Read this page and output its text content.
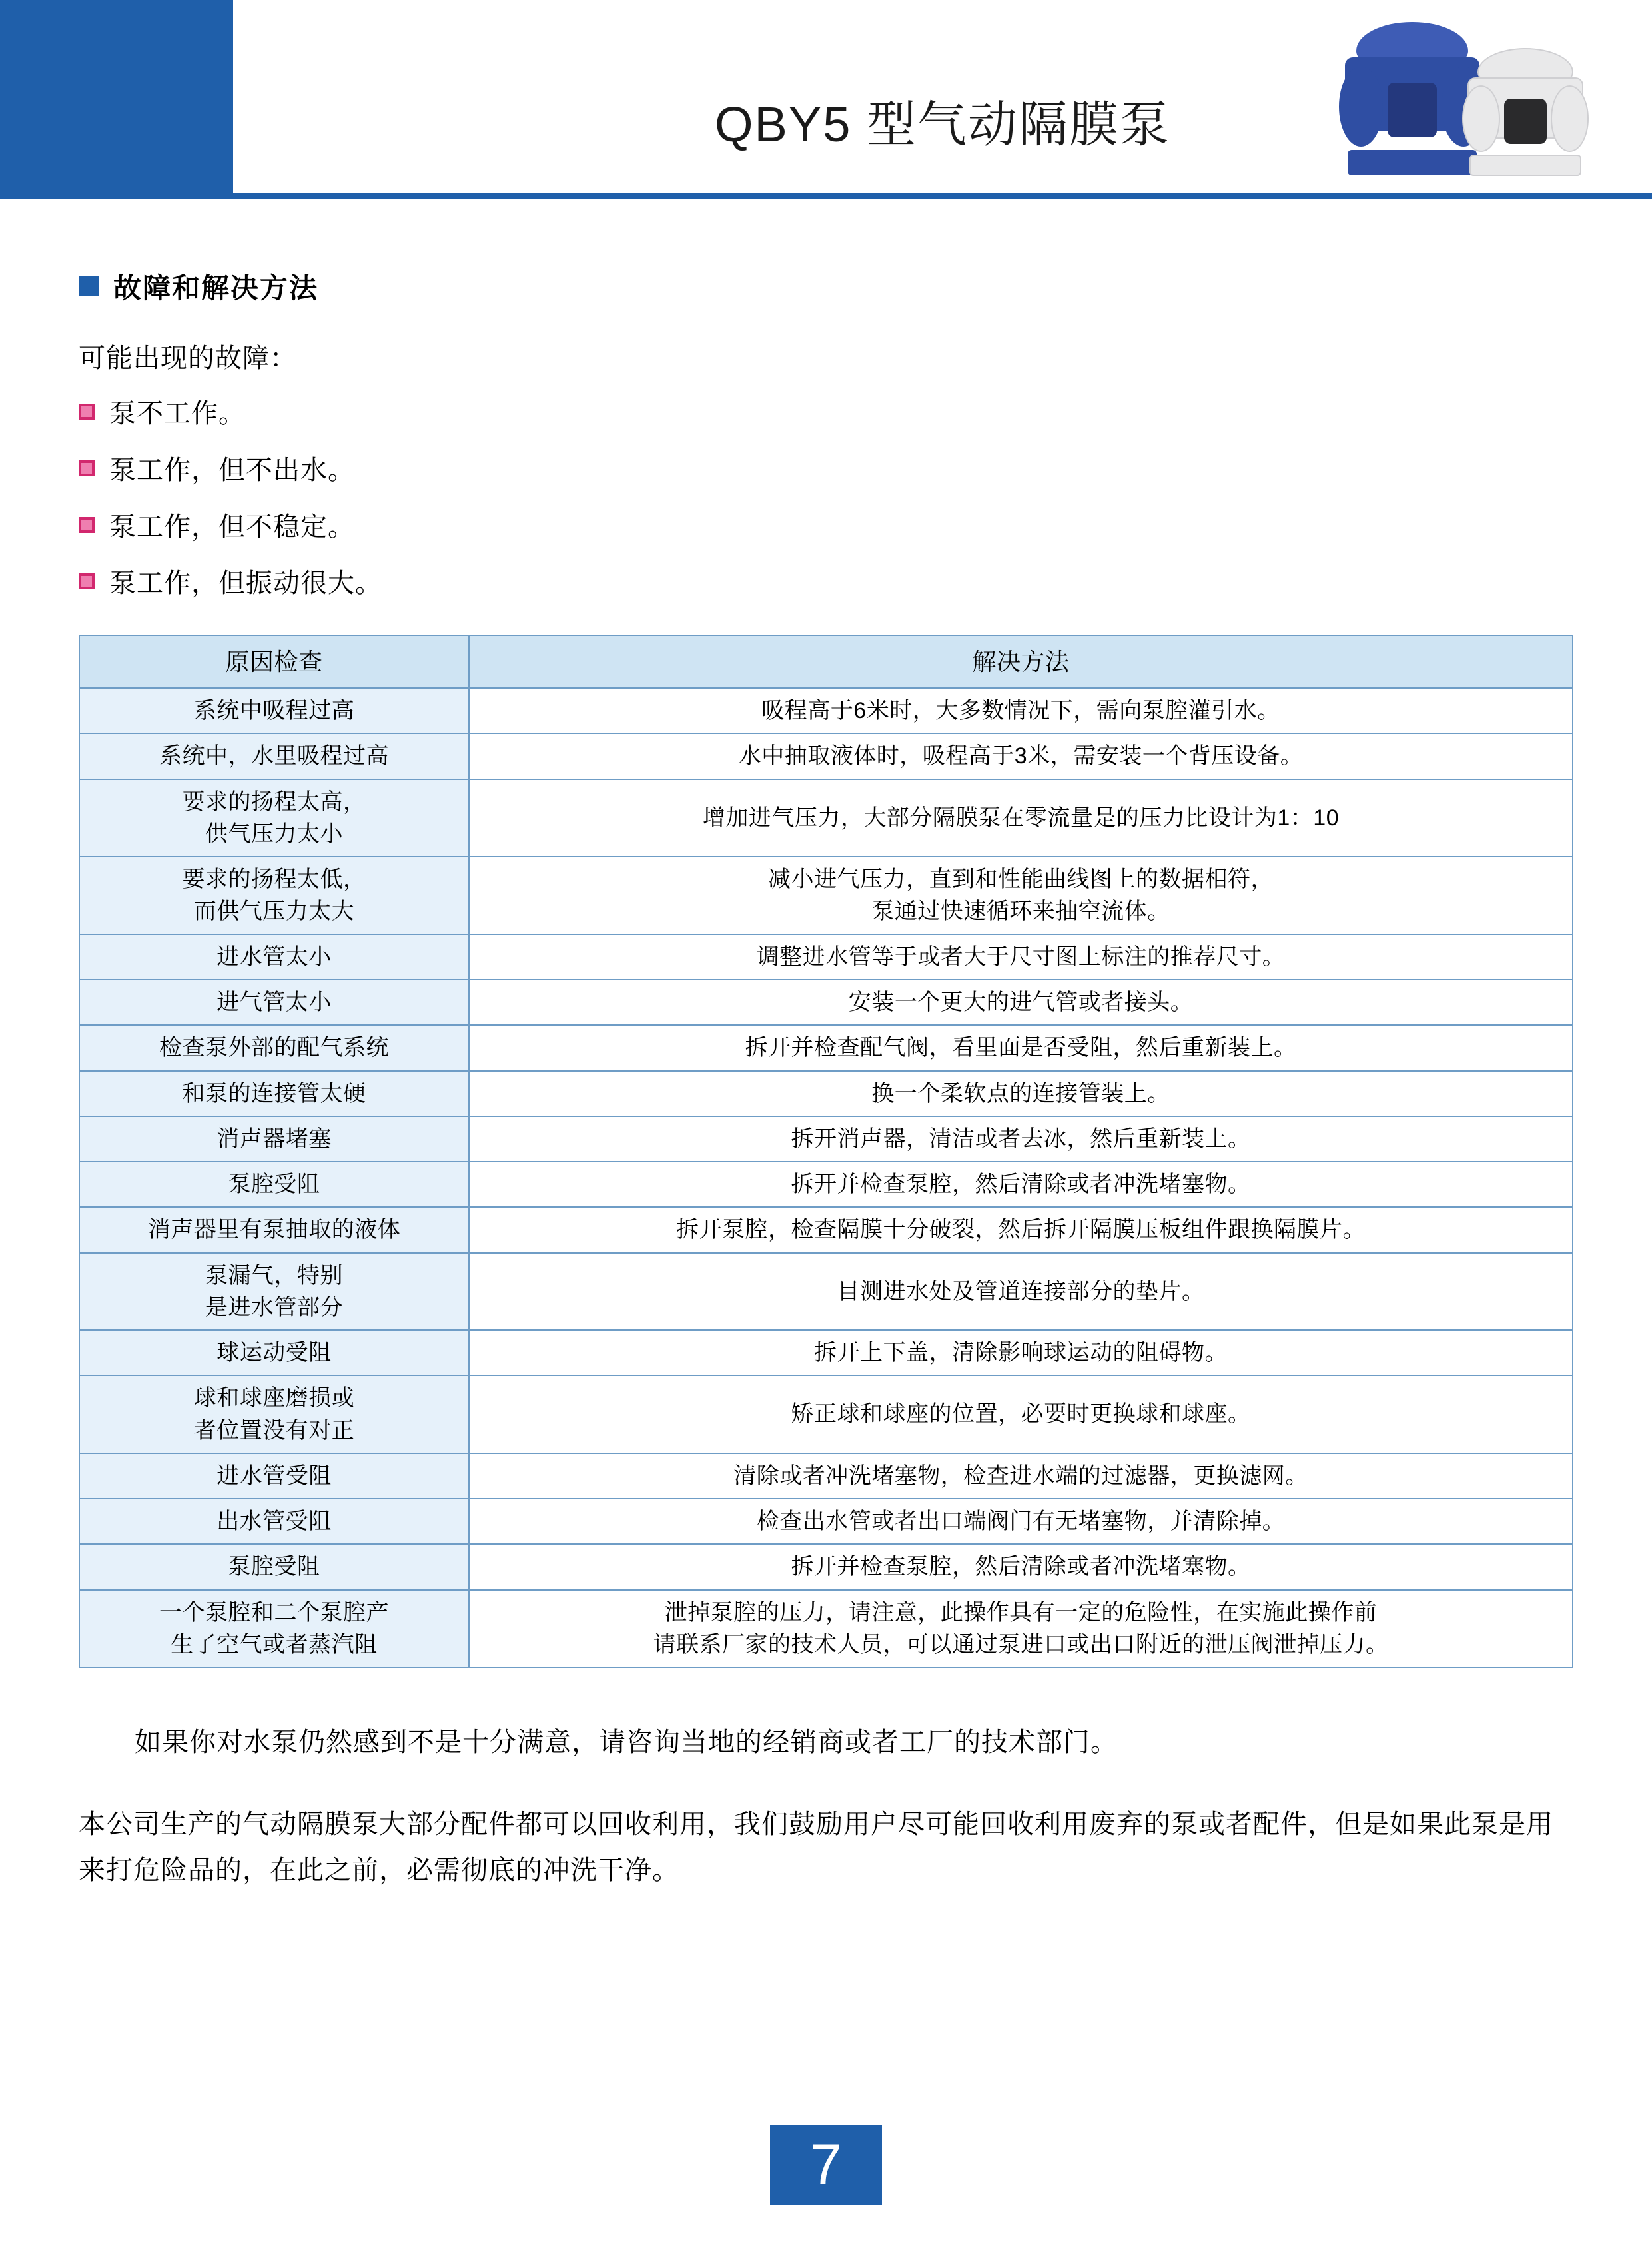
QBY5 型气动隔膜泵
故障和解决方法
可能出现的故障：
泵不工作。
泵工作，但不出水。
泵工作，但不稳定。
泵工作，但振动很大。
原因检查	解决方法
系统中吸程过高	吸程高于6米时，大多数情况下，需向泵腔灌引水。
系统中，水里吸程过高	水中抽取液体时，吸程高于3米，需安装一个背压设备。
要求的扬程太高，
供气压力太小	增加进气压力，大部分隔膜泵在零流量是的压力比设计为1：10
要求的扬程太低，
而供气压力太大	减小进气压力，直到和性能曲线图上的数据相符，
泵通过快速循环来抽空流体。
进水管太小	调整进水管等于或者大于尺寸图上标注的推荐尺寸。
进气管太小	安装一个更大的进气管或者接头。
检查泵外部的配气系统	拆开并检查配气阀，看里面是否受阻，然后重新装上。
和泵的连接管太硬	换一个柔软点的连接管装上。
消声器堵塞	拆开消声器，清洁或者去冰，然后重新装上。
泵腔受阻	拆开并检查泵腔，然后清除或者冲洗堵塞物。
消声器里有泵抽取的液体	拆开泵腔，检查隔膜十分破裂，然后拆开隔膜压板组件跟换隔膜片。
泵漏气，特别
是进水管部分	目测进水处及管道连接部分的垫片。
球运动受阻	拆开上下盖，清除影响球运动的阻碍物。
球和球座磨损或
者位置没有对正	矫正球和球座的位置，必要时更换球和球座。
进水管受阻	清除或者冲洗堵塞物，检查进水端的过滤器，更换滤网。
出水管受阻	检查出水管或者出口端阀门有无堵塞物，并清除掉。
泵腔受阻	拆开并检查泵腔，然后清除或者冲洗堵塞物。
一个泵腔和二个泵腔产
生了空气或者蒸汽阻	泄掉泵腔的压力，请注意，此操作具有一定的危险性，在实施此操作前
请联系厂家的技术人员，可以通过泵进口或出口附近的泄压阀泄掉压力。
如果你对水泵仍然感到不是十分满意，请咨询当地的经销商或者工厂的技术部门。
本公司生产的气动隔膜泵大部分配件都可以回收利用，我们鼓励用户尽可能回收利用废弃的泵或者配件，但是如果此泵是用来打危险品的，在此之前，必需彻底的冲洗干净。
7
